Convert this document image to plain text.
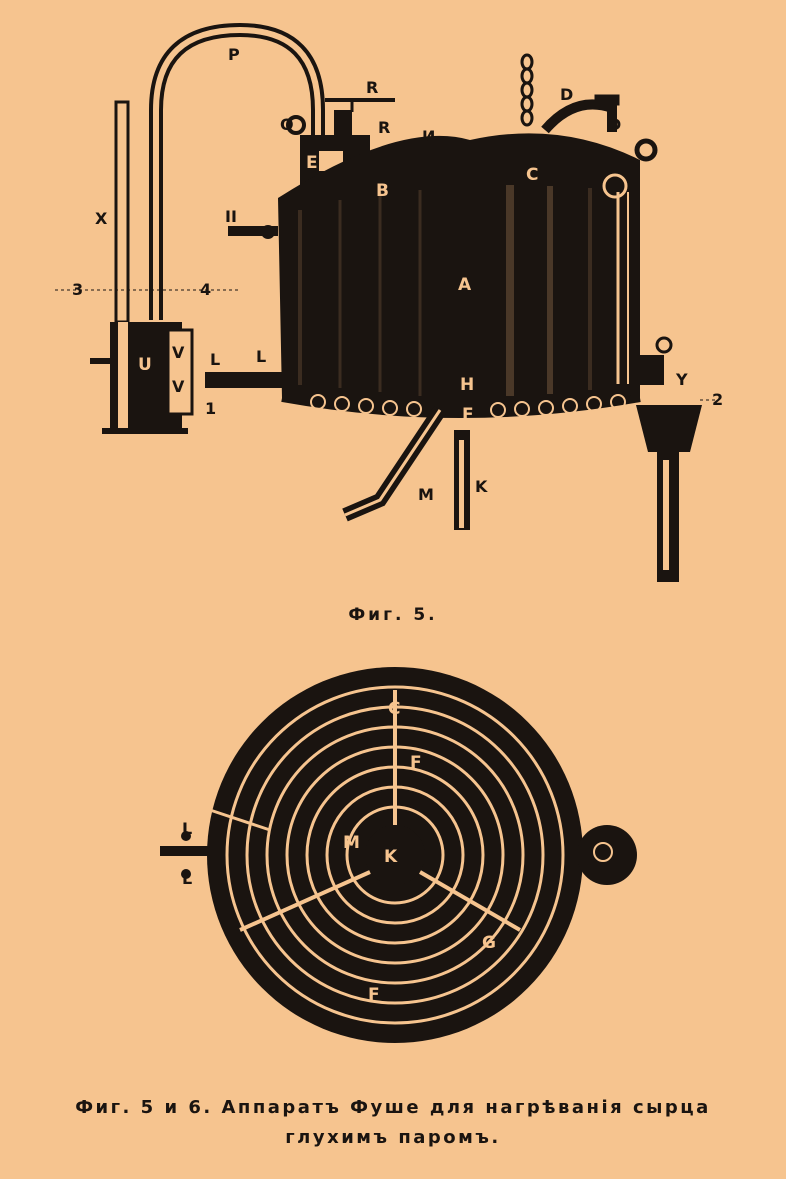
X
3	4
P
O
R
R
E
И
D
D
II
B
C
A
H
L L
U
V
V
1	F
M	K
Y
2
Фиг. 5.
C
F
M
K
L
L
G
F
Фиг. 5 и 6. Аппаратъ Фуше для нагрѣванія сырца
глухимъ паромъ.
